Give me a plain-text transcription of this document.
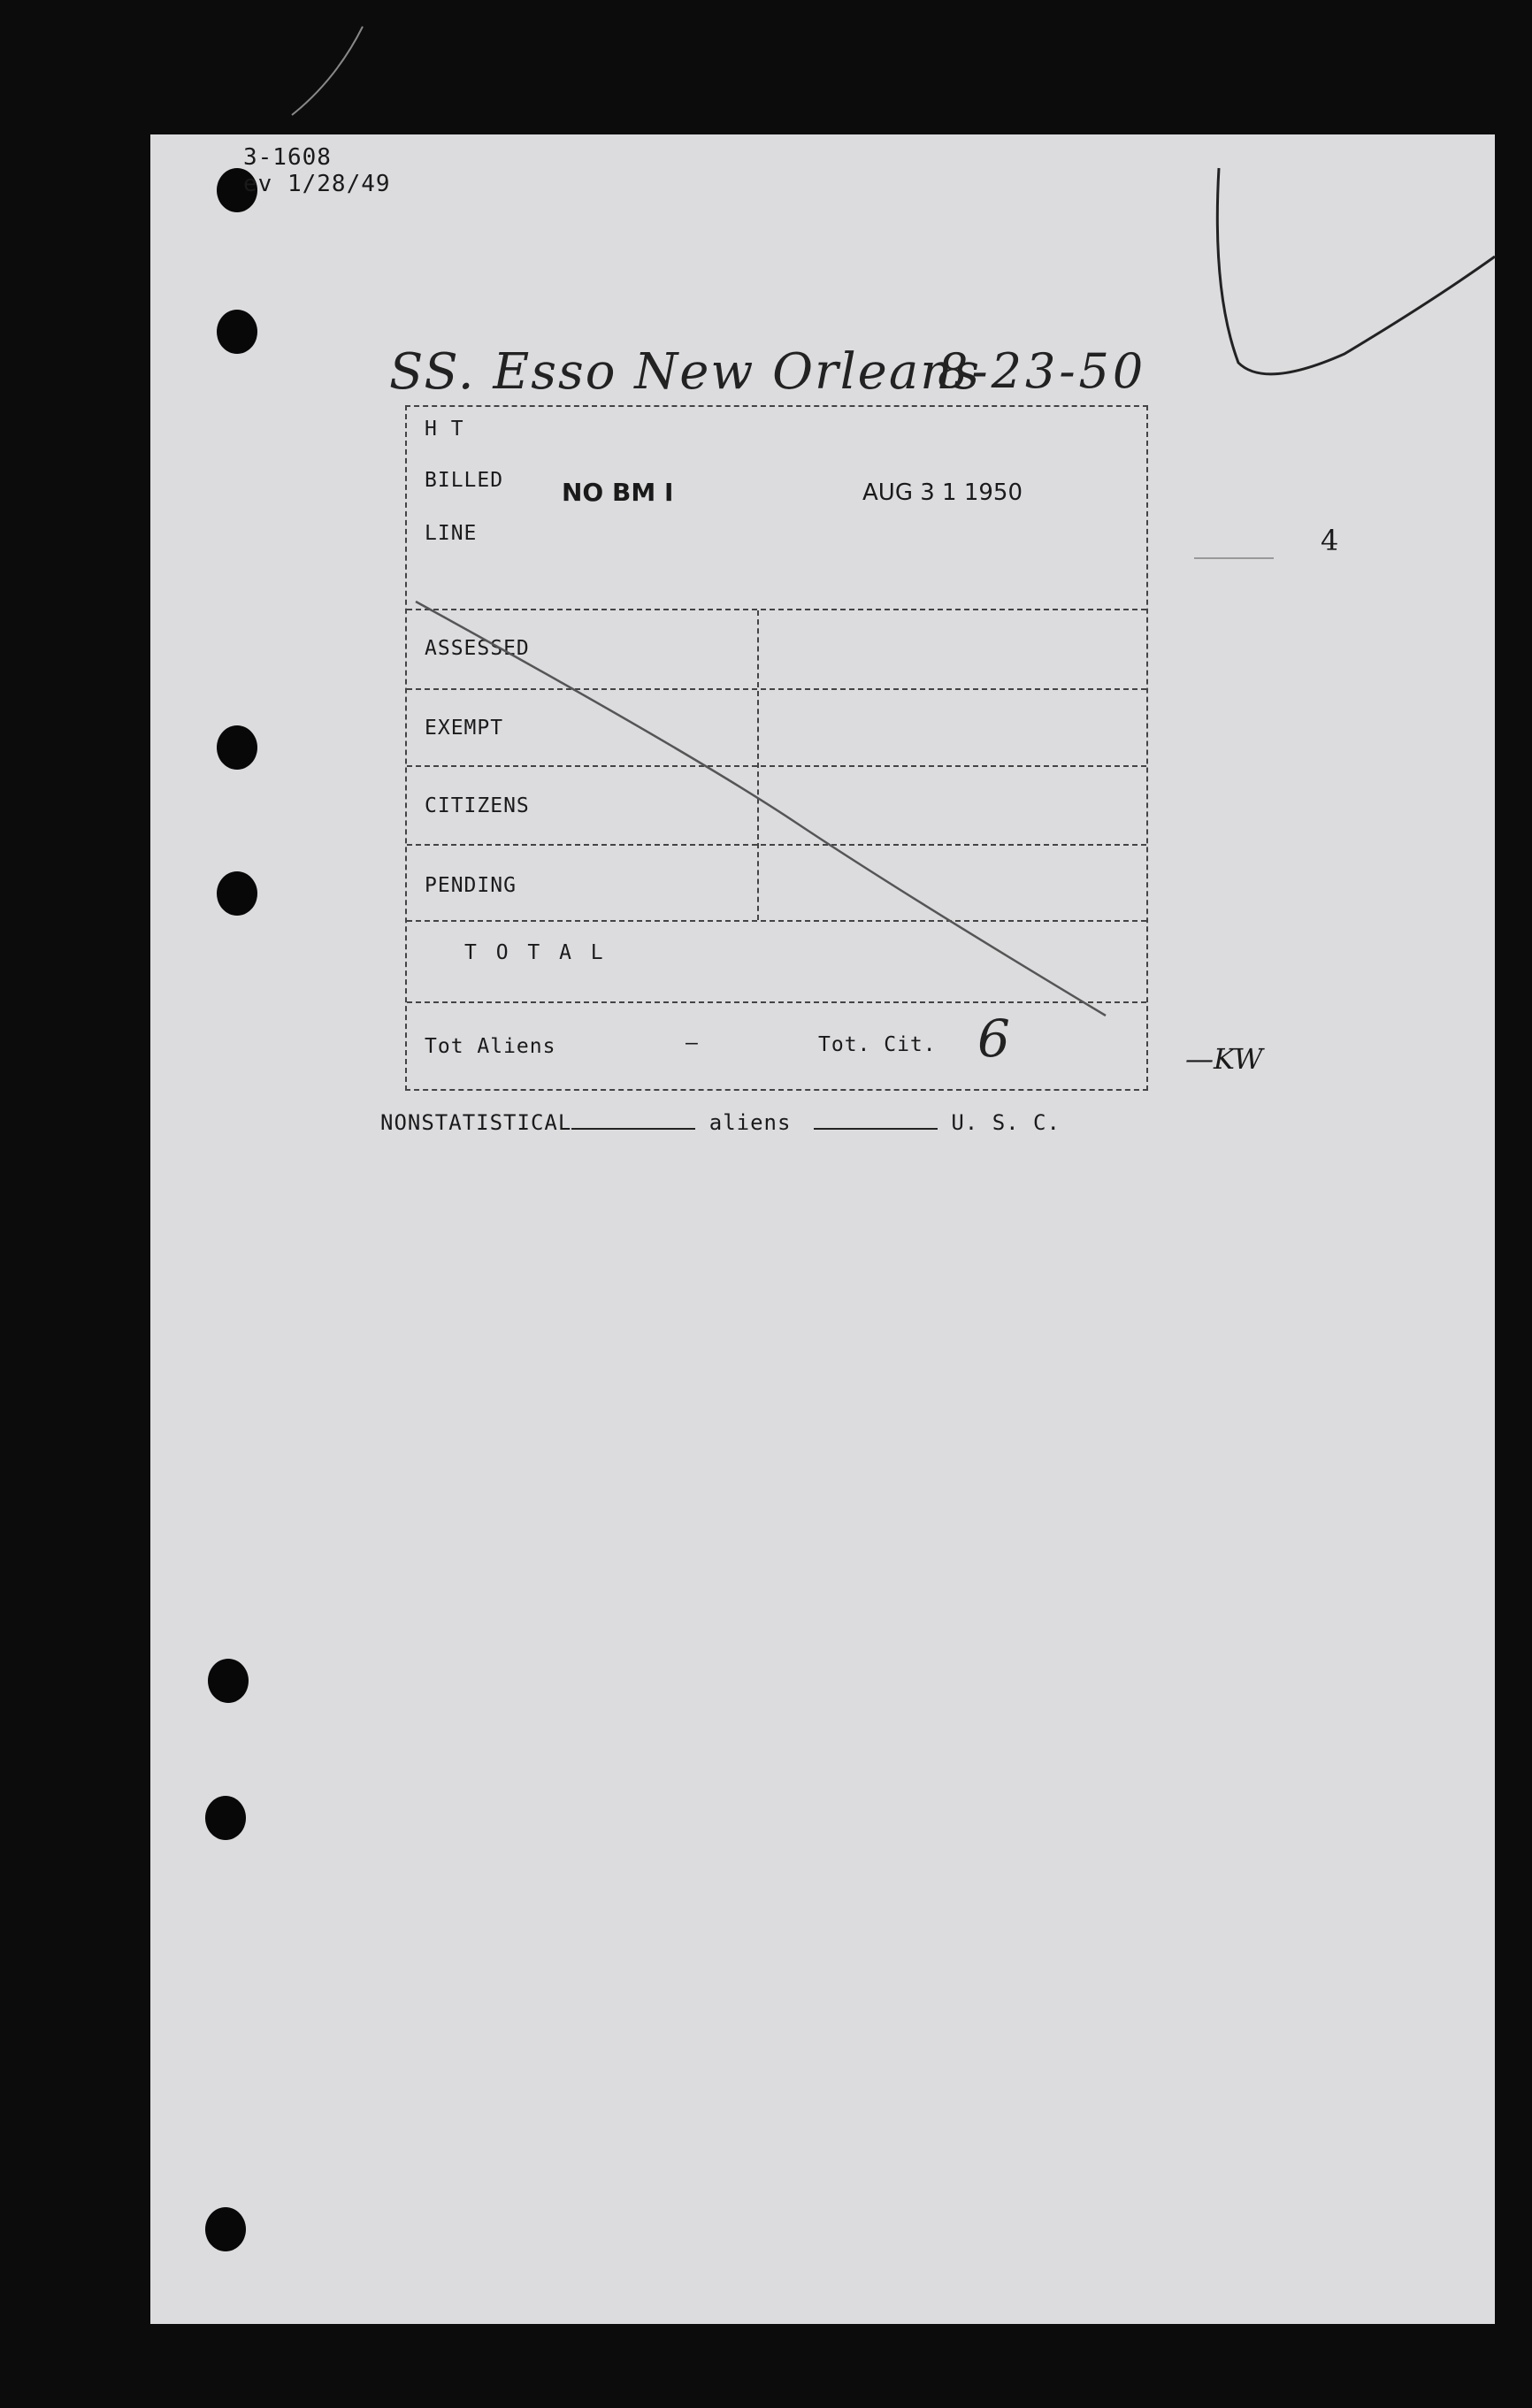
3-1608
ev 1/28/49
SS. Esso New Orleans
8-23-50
4
—KW
H T
BILLED
LINE
NO BM I	AUG 3 1 1950
ASSESSED
EXEMPT
CITIZENS
PENDING
T O T A L
Tot Aliens	—	Tot. Cit. 6
NONSTATISTICAL	aliens	U. S. C.
